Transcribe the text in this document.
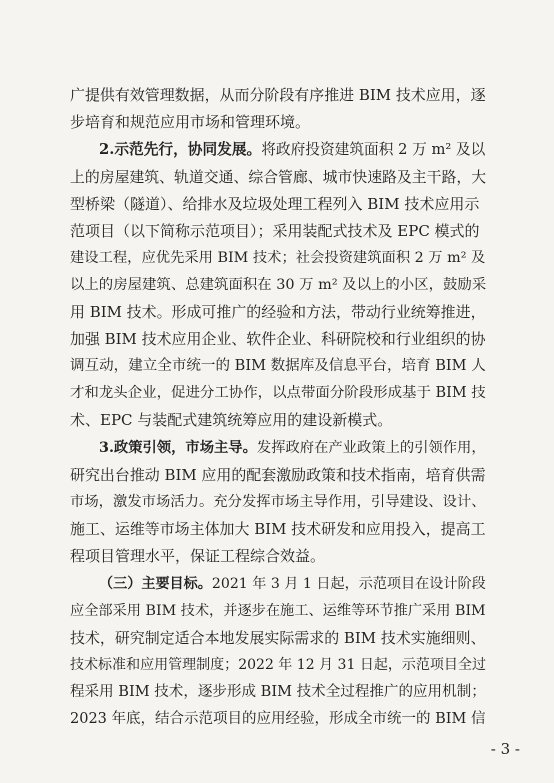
广提供有效管理数据，从而分阶段有序推进 BIM 技术应用，逐
步培育和规范应用市场和管理环境。
2.示范先行，协同发展。将政府投资建筑面积 2 万 m² 及以
上的房屋建筑、轨道交通、综合管廊、城市快速路及主干路，大
型桥梁（隧道）、给排水及垃圾处理工程列入 BIM 技术应用示
范项目（以下简称示范项目）；采用装配式技术及 EPC 模式的
建设工程，应优先采用 BIM 技术；社会投资建筑面积 2 万 m² 及
以上的房屋建筑、总建筑面积在 30 万 m² 及以上的小区，鼓励采
用 BIM 技术。形成可推广的经验和方法，带动行业统筹推进，
加强 BIM 技术应用企业、软件企业、科研院校和行业组织的协
调互动，建立全市统一的 BIM 数据库及信息平台，培育 BIM 人
才和龙头企业，促进分工协作，以点带面分阶段形成基于 BIM 技
术、EPC 与装配式建筑统筹应用的建设新模式。
3.政策引领，市场主导。发挥政府在产业政策上的引领作用，
研究出台推动 BIM 应用的配套激励政策和技术指南，培育供需
市场，激发市场活力。充分发挥市场主导作用，引导建设、设计、
施工、运维等市场主体加大 BIM 技术研发和应用投入，提高工
程项目管理水平，保证工程综合效益。
（三）主要目标。2021 年 3 月 1 日起，示范项目在设计阶段
应全部采用 BIM 技术，并逐步在施工、运维等环节推广采用 BIM
技术，研究制定适合本地发展实际需求的 BIM 技术实施细则、
技术标准和应用管理制度；2022 年 12 月 31 日起，示范项目全过
程采用 BIM 技术，逐步形成 BIM 技术全过程推广的应用机制；
2023 年底，结合示范项目的应用经验，形成全市统一的 BIM 信
- 3 -
